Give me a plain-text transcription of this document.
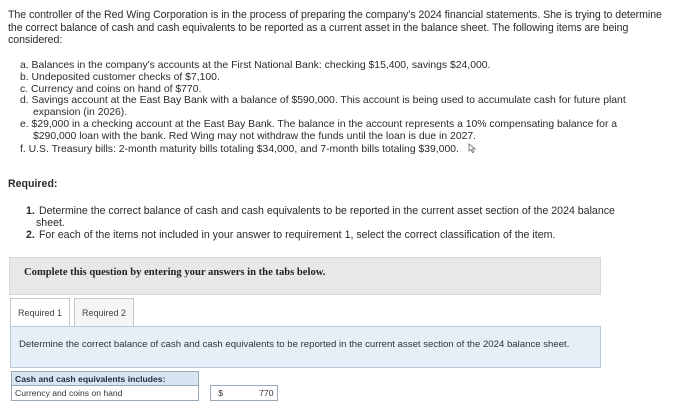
The controller of the Red Wing Corporation is in the process of preparing the company's 2024 financial statements. She is trying to determine the correct balance of cash and cash equivalents to be reported as a current asset in the balance sheet. The following items are being considered:
a. Balances in the company's accounts at the First National Bank: checking $15,400, savings $24,000.
b. Undeposited customer checks of $7,100.
c. Currency and coins on hand of $770.
d. Savings account at the East Bay Bank with a balance of $590,000. This account is being used to accumulate cash for future plant
expansion (in 2026).
e. $29,000 in a checking account at the East Bay Bank. The balance in the account represents a 10% compensating balance for a
$290,000 loan with the bank. Red Wing may not withdraw the funds until the loan is due in 2027.
f. U.S. Treasury bills: 2-month maturity bills totaling $34,000, and 7-month bills totaling $39,000.
Required:
1. Determine the correct balance of cash and cash equivalents to be reported in the current asset section of the 2024 balance
sheet.
2. For each of the items not included in your answer to requirement 1, select the correct classification of the item.
Complete this question by entering your answers in the tabs below.
Required 1	Required 2
Determine the correct balance of cash and cash equivalents to be reported in the current asset section of the 2024 balance sheet.
Cash and cash equivalents includes:			
Currency and coins on hand		$	770
